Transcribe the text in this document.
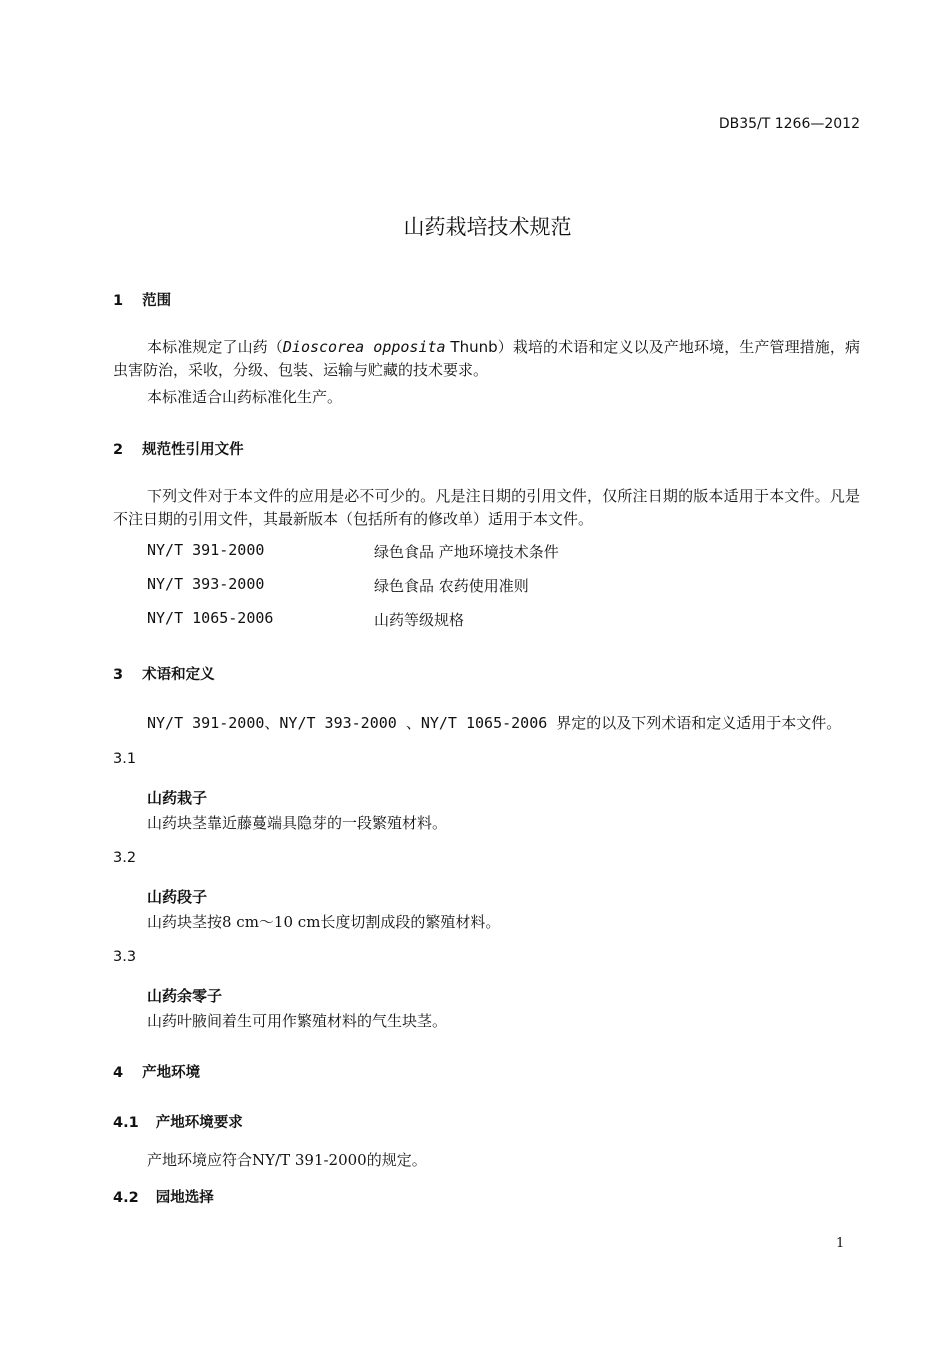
DB35/T 1266—2012
山药栽培技术规范
1 范围
本标准规定了山药（Dioscorea opposita Thunb）栽培的术语和定义以及产地环境，生产管理措施，病虫害防治，采收，分级、包装、运输与贮藏的技术要求。
本标准适合山药标准化生产。
2 规范性引用文件
下列文件对于本文件的应用是必不可少的。凡是注日期的引用文件，仅所注日期的版本适用于本文件。凡是不注日期的引用文件，其最新版本（包括所有的修改单）适用于本文件。
NY/T 391-2000	绿色食品 产地环境技术条件
NY/T 393-2000	绿色食品 农药使用准则
NY/T 1065-2006	山药等级规格
3 术语和定义
NY/T 391-2000、NY/T 393-2000 、NY/T 1065-2006 界定的以及下列术语和定义适用于本文件。
3.1
山药栽子
山药块茎靠近藤蔓端具隐芽的一段繁殖材料。
3.2
山药段子
山药块茎按8 cm～10 cm长度切割成段的繁殖材料。
3.3
山药余零子
山药叶腋间着生可用作繁殖材料的气生块茎。
4 产地环境
4.1 产地环境要求
产地环境应符合NY/T 391-2000的规定。
4.2 园地选择
1
